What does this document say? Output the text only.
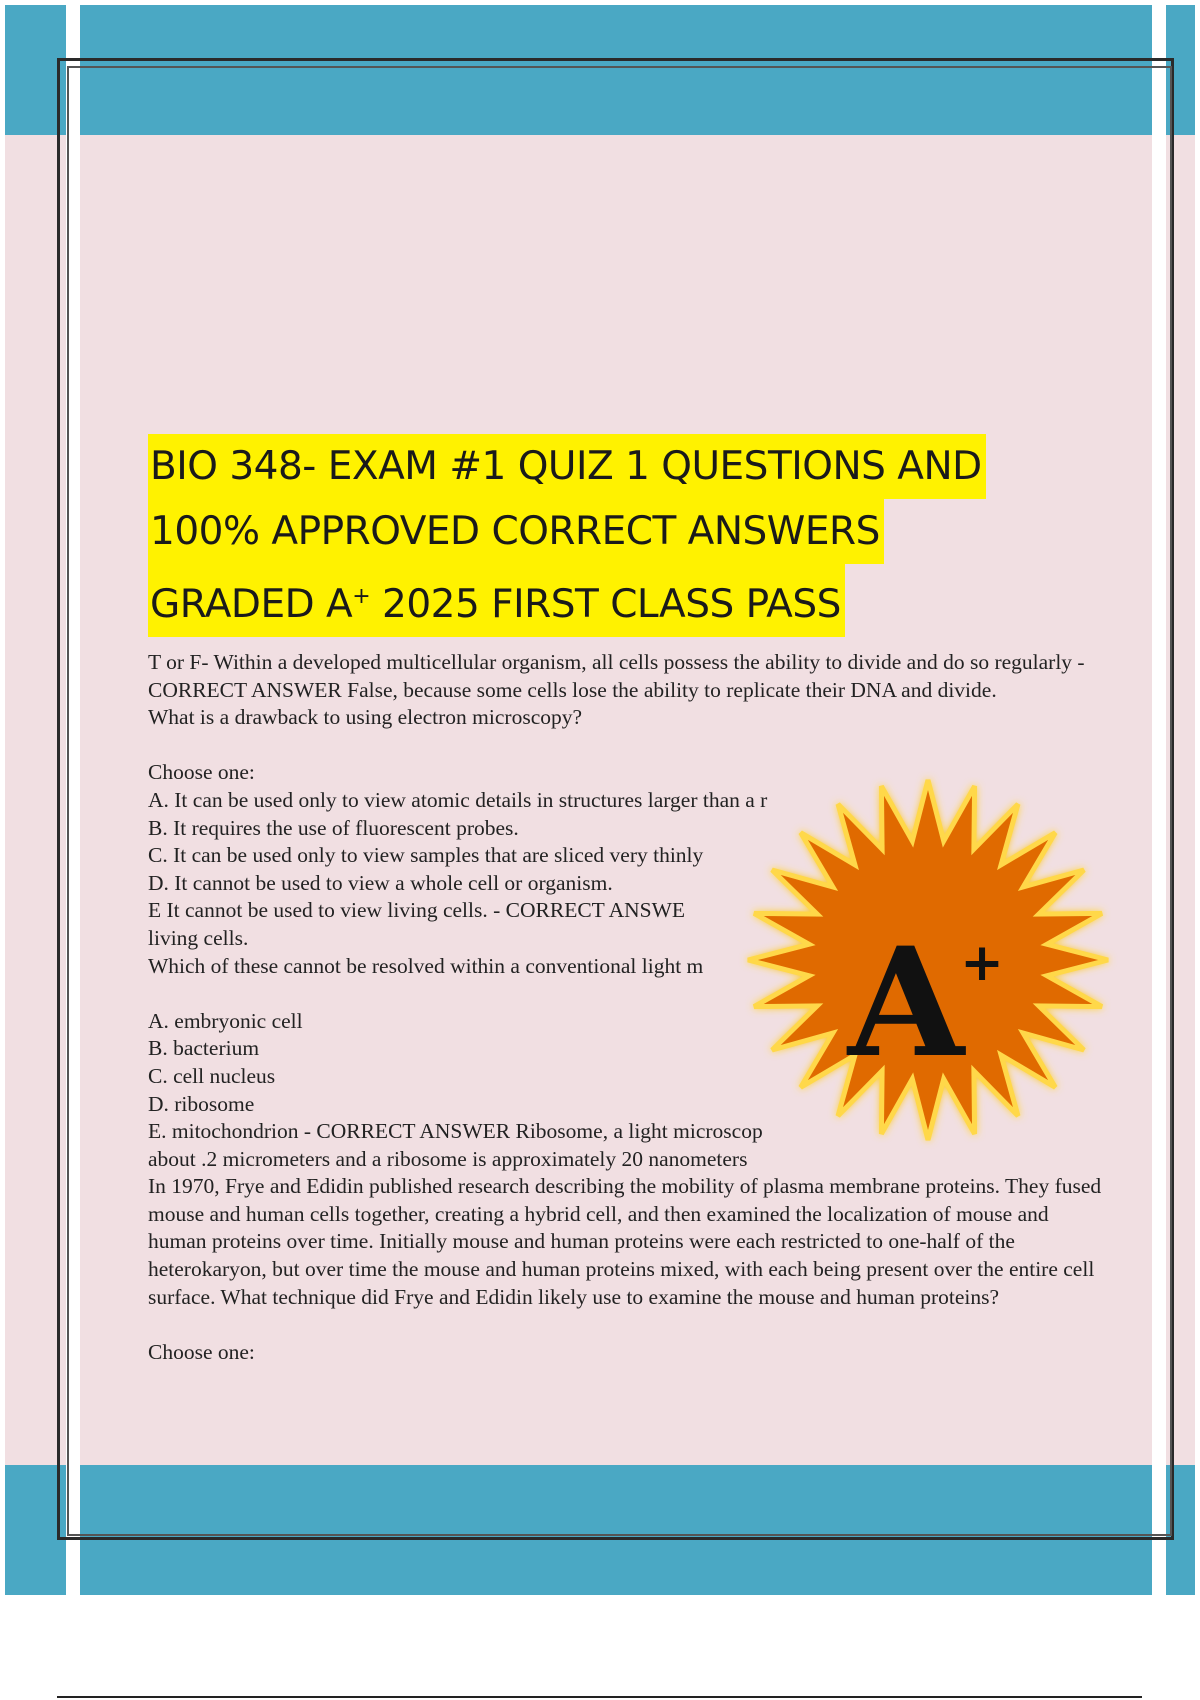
BIO 348- EXAM #1 QUIZ 1 QUESTIONS AND
100% APPROVED CORRECT ANSWERS
GRADED A+ 2025 FIRST CLASS PASS

T or F- Within a developed multicellular organism, all cells possess the ability to divide and do so regularly - CORRECT ANSWER False, because some cells lose the ability to replicate their DNA and divide.

What is a drawback to using electron microscopy?

Choose one:

A. It can be used only to view atomic details in structures larger than a r

B. It requires the use of fluorescent probes.

C. It can be used only to view samples that are sliced very thinly

D. It cannot be used to view a whole cell or organism.

E It cannot be used to view living cells. - CORRECT ANSWE

living cells.

Which of these cannot be resolved within a conventional light m

A. embryonic cell

B. bacterium

C. cell nucleus

D. ribosome

E. mitochondrion - CORRECT ANSWER Ribosome, a light microscop

about .2 micrometers and a ribosome is approximately 20 nanometers

In 1970, Frye and Edidin published research describing the mobility of plasma membrane proteins. They fused mouse and human cells together, creating a hybrid cell, and then examined the localization of mouse and human proteins over time. Initially mouse and human proteins were each restricted to one-half of the heterokaryon, but over time the mouse and human proteins mixed, with each being present over the entire cell surface. What technique did Frye and Edidin likely use to examine the mouse and human proteins?

Choose one:

A
+
